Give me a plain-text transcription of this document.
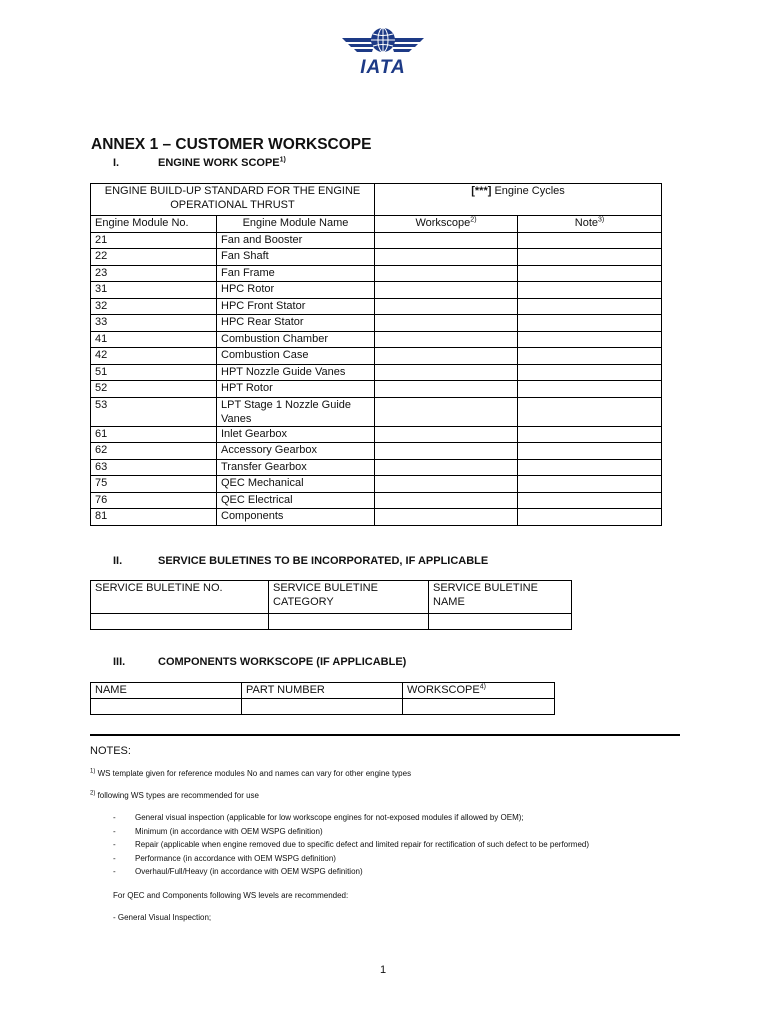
IATA
ANNEX 1 – CUSTOMER WORKSCOPE
I.	ENGINE WORK SCOPE$^{1)}$
ENGINE BUILD-UP STANDARD FOR THE ENGINE OPERATIONAL THRUST		[***] Engine Cycles	
Engine Module No.	Engine Module Name	Workscope$^{2)}$	Note$^{3)}$
21	Fan and Booster		
22	Fan Shaft		
23	Fan Frame		
31	HPC Rotor		
32	HPC Front Stator		
33	HPC Rear Stator		
41	Combustion Chamber		
42	Combustion Case		
51	HPT Nozzle Guide Vanes		
52	HPT Rotor		
53	LPT Stage 1 Nozzle Guide Vanes		
61	Inlet Gearbox		
62	Accessory Gearbox		
63	Transfer Gearbox		
75	QEC Mechanical		
76	QEC Electrical		
81	Components		
II.	SERVICE BULETINES TO BE INCORPORATED, IF APPLICABLE
SERVICE BULETINE NO.	SERVICE BULETINE CATEGORY	SERVICE BULETINE NAME

III.	COMPONENTS WORKSCOPE (IF APPLICABLE)
NAME	PART NUMBER	WORKSCOPE$^{4)}$

NOTES:
$^{1)}$ WS template given for reference modules No and names can vary for other engine types
$^{2)}$ following WS types are recommended for use
- General visual inspection (applicable for low workscope engines for not-exposed modules if allowed by OEM);
- Minimum (in accordance with OEM WSPG definition)
- Repair (applicable when engine removed due to specific defect and limited repair for rectification of such defect to be performed)
- Performance (in accordance with OEM WSPG definition)
- Overhaul/Full/Heavy (in accordance with OEM WSPG definition)
For QEC and Components following WS levels are recommended:
- General Visual Inspection;
1
